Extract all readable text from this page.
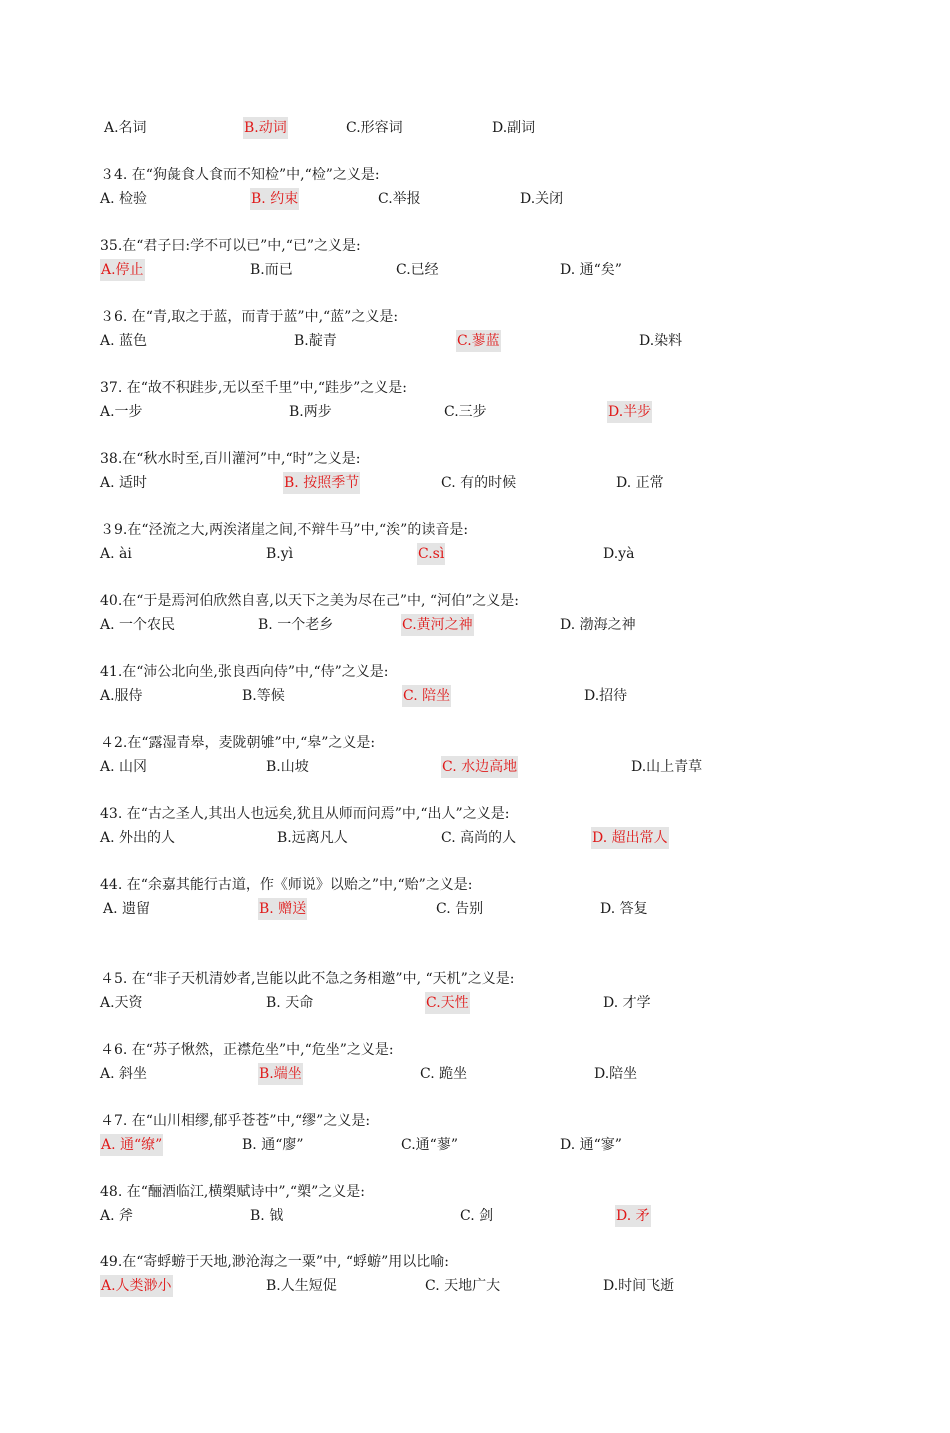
A.名词	B.动词	C.形容词	D.副词
３4. 在“狗彘食人食而不知检”中,“检”之义是:
A. 检验	B. 约束	C.举报	D.关闭
35.在“君子曰:学不可以已”中,“已”之义是:
A.停止	B.而已	C.已经	D. 通“矣”
３6. 在“青,取之于蓝，而青于蓝”中,“蓝”之义是:
A. 蓝色	B.靛青	C.蓼蓝	D.染料
37. 在“故不积跬步,无以至千里”中,“跬步”之义是:
A.一步	B.两步	C.三步	D.半步
38.在“秋水时至,百川灌河”中,“时”之义是:
A. 适时	B. 按照季节	C. 有的时候	D. 正常
３9.在“泾流之大,两涘渚崖之间,不辩牛马”中,“涘”的读音是:
A. ài	B.yì	C.sì	D.yà
40.在“于是焉河伯欣然自喜,以天下之美为尽在己”中, “河伯”之义是:
A. 一个农民	B. 一个老乡	C.黄河之神	D. 渤海之神
41.在“沛公北向坐,张良西向侍”中,“侍”之义是:
A.服侍	B.等候	C. 陪坐	D.招待
４2.在“露湿青皋，麦陇朝雊”中,“皋”之义是:
A. 山冈	B.山坡	C. 水边高地	D.山上青草
43. 在“古之圣人,其出人也远矣,犹且从师而问焉”中,“出人”之义是:
A. 外出的人	B.远离凡人	C. 高尚的人	D. 超出常人
44. 在“余嘉其能行古道，作《师说》以贻之”中,“贻”之义是:
A. 遗留	B. 赠送	C. 告别	D. 答复
４5. 在“非子天机清妙者,岂能以此不急之务相邀”中, “天机”之义是:
A.天资	B. 天命	C.天性	D. 才学
４6. 在“苏子愀然，正襟危坐”中,“危坐”之义是:
A. 斜坐	B.端坐	C. 跪坐	D.陪坐
４7. 在“山川相缪,郁乎苍苍”中,“缪”之义是:
A. 通“缭”	B. 通“廖”	C.通“蓼”	D. 通“寥”
48. 在“酾酒临江,横槊赋诗中”,“槊”之义是:
A. 斧	B. 钺	C. 剑	D. 矛
49.在“寄蜉蝣于天地,渺沧海之一粟”中, “蜉蝣”用以比喻:
A.人类渺小	B.人生短促	C. 天地广大	D.时间飞逝
